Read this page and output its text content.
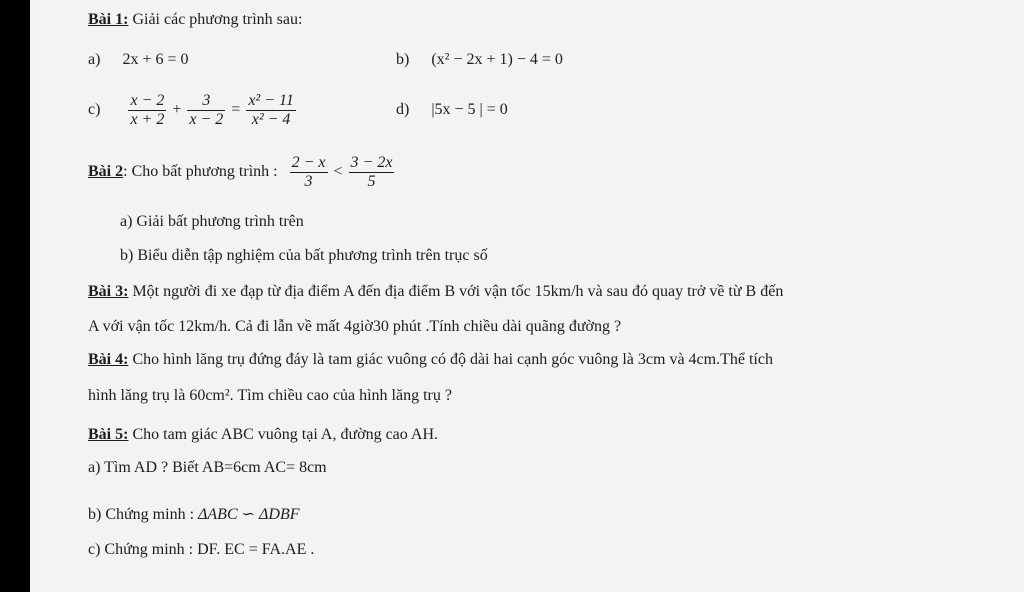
Bài 1: Giải các phương trình sau:
a) 2x + 6 = 0	b) (x² − 2x + 1) − 4 = 0
$c) \frac{x - 2}{x + 2} + \frac{3}{x - 2} = \frac{\text{x² − 11}}{\text{x² − 4}}$	d) |5x − 5 | = 0
Bài 2: Cho bất phương trình : $\frac{2 - x}{3} < \frac{3 - 2x}{5}$
a) Giải bất phương trình trên
b) Biểu diễn tập nghiệm của bất phương trình trên trục số
Bài 3: Một người đi xe đạp từ địa điểm A đến địa điểm B với vận tốc 15km/h và sau đó quay trở về từ B đến
A với vận tốc 12km/h. Cả đi lẫn về mất 4giờ30 phút .Tính chiều dài quãng đường ?
Bài 4: Cho hình lăng trụ đứng đáy là tam giác vuông có độ dài hai cạnh góc vuông là 3cm và 4cm.Thể tích
hình lăng trụ là 60cm². Tìm chiều cao của hình lăng trụ ?
Bài 5: Cho tam giác ABC vuông tại A, đường cao AH.
a) Tìm AD ? Biết AB=6cm AC= 8cm
b) Chứng minh : ΔABC ∽ ΔDBF
c) Chứng minh : DF. EC = FA.AE .
